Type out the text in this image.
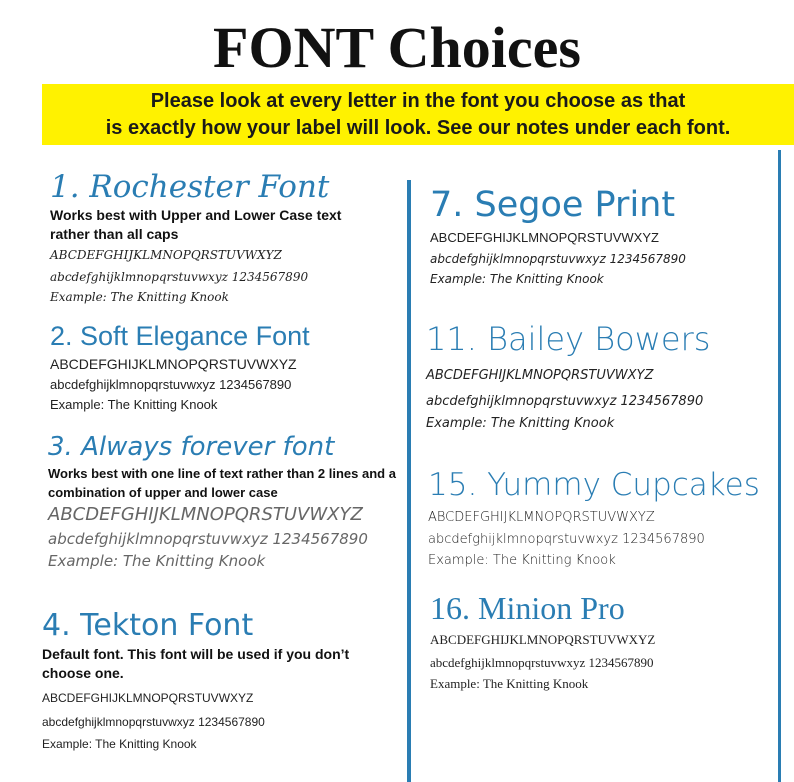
FONT Choices
Please look at every letter in the font you choose as that
is exactly how your label will look. See our notes under each font.
1. Rochester Font
Works best with Upper and Lower Case text
rather than all caps
ABCDEFGHIJKLMNOPQRSTUVWXYZ
abcdefghijklmnopqrstuvwxyz 1234567890
Example: The Knitting Knook
2. Soft Elegance Font
ABCDEFGHIJKLMNOPQRSTUVWXYZ
abcdefghijklmnopqrstuvwxyz 1234567890
Example: The Knitting Knook
3. Always forever font
Works best with one line of text rather than 2 lines and a
combination of upper and lower case
ABCDEFGHIJKLMNOPQRSTUVWXYZ
abcdefghijklmnopqrstuvwxyz 1234567890
Example: The Knitting Knook
4. Tekton Font
Default font. This font will be used if you don’t
choose one.
ABCDEFGHIJKLMNOPQRSTUVWXYZ
abcdefghijklmnopqrstuvwxyz 1234567890
Example: The Knitting Knook
7. Segoe Print
ABCDEFGHIJKLMNOPQRSTUVWXYZ
abcdefghijklmnopqrstuvwxyz 1234567890
Example: The Knitting Knook
11. Bailey Bowers
ABCDEFGHIJKLMNOPQRSTUVWXYZ
abcdefghijklmnopqrstuvwxyz 1234567890
Example: The Knitting Knook
15. Yummy Cupcakes
ABCDEFGHIJKLMNOPQRSTUVWXYZ
abcdefghijklmnopqrstuvwxyz 1234567890
Example: The Knitting Knook
16. Minion Pro
ABCDEFGHIJKLMNOPQRSTUVWXYZ
abcdefghijklmnopqrstuvwxyz 1234567890
Example: The Knitting Knook
